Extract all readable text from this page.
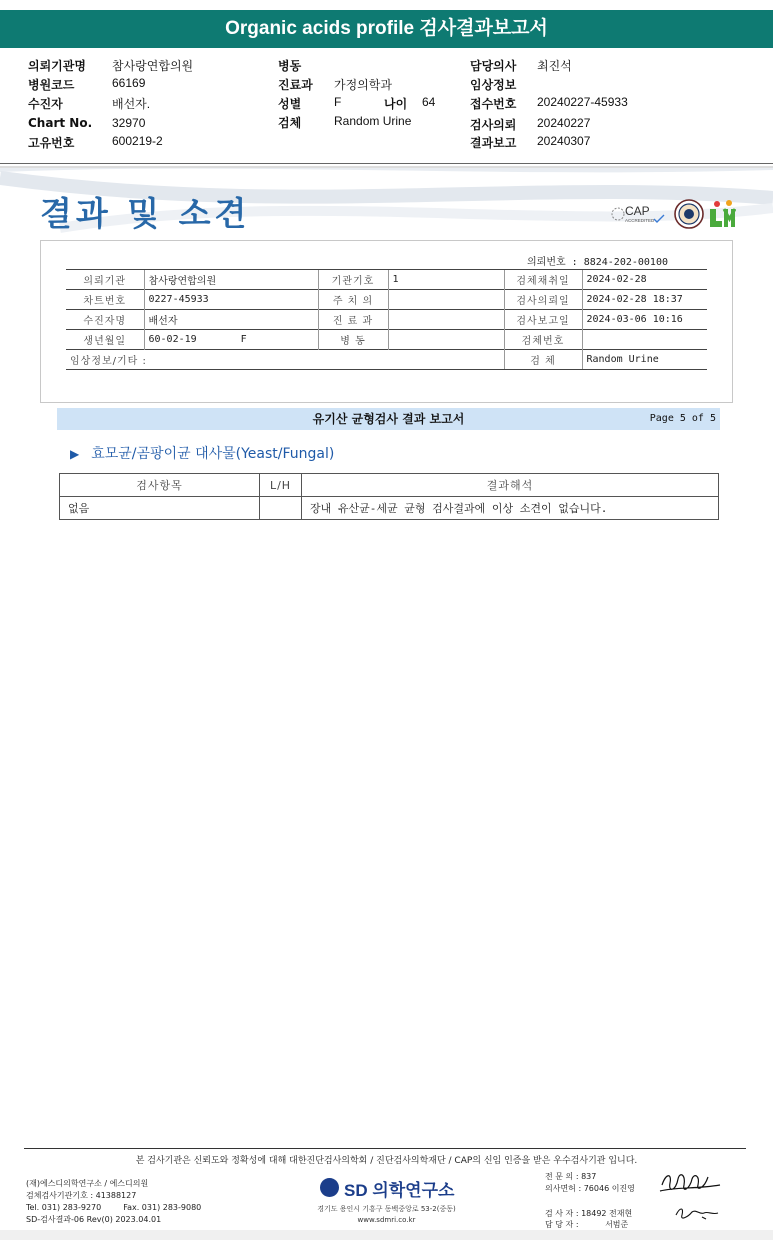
Organic acids profile 검사결과보고서
의뢰기관명 참사랑연합의원
병원코드	66169
수진자	배선자.
Chart No. 32970
고유번호	600219-2
병동
진료과 가정의학과
성별	F	나이 64
검체	Random Urine
담당의사 최진석
임상정보
접수번호 20240227-45933
검사의뢰 20240227
결과보고 20240307
결과 및 소견	CAP
ACCREDITED
의뢰번호 : 8824-202-00100
의뢰기관	참사랑연합의원	기관기호	1	검체채취일	2024-02-28
차트번호	0227-45933	주 치 의		검사의뢰일	2024-02-28 18:37
수진자명	배선자	진 료 과		검사보고일	2024-03-06 10:16
생년월일	60-02-19 F	병 동		검체번호	
임상정보/기타 :				검 체	Random Urine
유기산 균형검사 결과 보고서	Page 5 of 5
▶ 효모균/곰팡이균 대사물(Yeast/Fungal)
검사항목	L/H	결과해석
없음		장내 유산균-세균 균형 검사결과에 이상 소견이 없습니다.
본 검사기관은 신뢰도와 정확성에 대해 대한진단검사의학회 / 진단검사의학재단 / CAP의 신임 인증을 받은 우수검사기관 입니다.
(재)에스디의학연구소 / 에스디의원
검체검사기관기호 : 41388127
Tel. 031) 283-9270	Fax. 031) 283-9080
SD-검사결과-06 Rev(0) 2023.04.01
SD 의학연구소
경기도 용인시 기흥구 동백중앙로 53-2(중동)
www.sdmri.co.kr
전 문 의 : 837
의사면허 : 76046 이진영
검 사 자 : 18492 전재현
담 당 자 :	서범준
